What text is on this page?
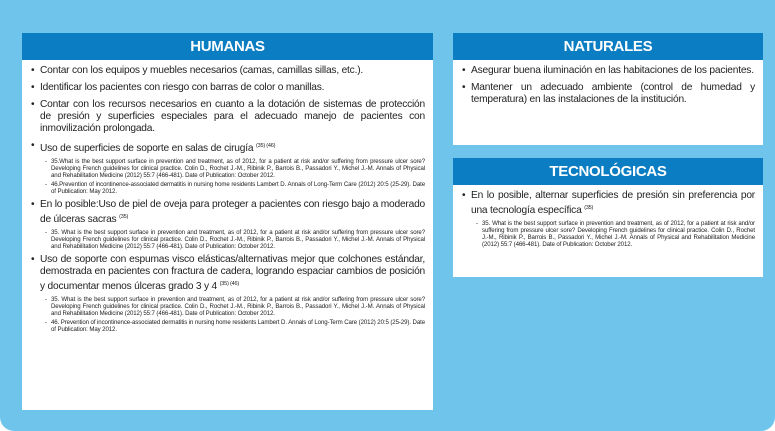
HUMANAS
• Contar con los equipos y muebles necesarios (camas, camillas sillas, etc.).
• Identificar los pacientes con riesgo con barras de color o manillas.
• Contar con los recursos necesarios en cuanto a la dotación de sistemas de protección de presión y superficies especiales para el adecuado manejo de pacientes con inmovilización prolongada.
• Uso de superficies de soporte en salas de cirugía $^{(35) (46)}$
- 35.What is the best support surface in prevention and treatment, as of 2012, for a patient at risk and/or suffering from pressure ulcer sore? Developing French guidelines for clinical practice. Colin D., Rochet J.-M., Ribinik P., Barrois B., Passadori Y., Michel J.-M. Annals of Physical and Rehabilitation Medicine (2012) 55:7 (466-481). Date of Publication: October 2012.
- 46.Prevention of incontinence-associated dermatitis in nursing home residents Lambert D. Annals of Long-Term Care (2012) 20:5 (25-29). Date of Publication: May 2012.
• En lo posible:Uso de piel de oveja para proteger a pacientes con riesgo bajo a moderado de úlceras sacras $^{(35)}$
- 35. What is the best support surface in prevention and treatment, as of 2012, for a patient at risk and/or suffering from pressure ulcer sore? Developing French guidelines for clinical practice. Colin D., Rochet J.-M., Ribinik P., Barrois B., Passadori Y., Michel J.-M. Annals of Physical and Rehabilitation Medicine (2012) 55:7 (466-481). Date of Publication: October 2012.
• Uso de soporte con espumas visco elásticas/alternativas mejor que colchones estándar, demostrada en pacientes con fractura de cadera, logrando espaciar cambios de posición y documentar menos úlceras grado 3 y 4 $^{(35) (46)}$
- 35. What is the best support surface in prevention and treatment, as of 2012, for a patient at risk and/or suffering from pressure ulcer sore? Developing French guidelines for clinical practice. Colin D., Rochet J.-M., Ribinik P., Barrois B., Passadori Y., Michel J.-M. Annals of Physical and Rehabilitation Medicine (2012) 55:7 (466-481). Date of Publication: October 2012.
- 46. Prevention of incontinence-associated dermatitis in nursing home residents Lambert D. Annals of Long-Term Care (2012) 20:5 (25-29). Date of Publication: May 2012.
NATURALES
• Asegurar buena iluminación en las habitaciones de los pacientes.
• Mantener un adecuado ambiente (control de humedad y temperatura) en las instalaciones de la institución.
TECNOLÓGICAS
• En lo posible, alternar superficies de presión sin preferencia por una tecnología específica $^{(35)}$
- 35. What is the best support surface in prevention and treatment, as of 2012, for a patient at risk and/or suffering from pressure ulcer sore? Developing French guidelines for clinical practice. Colin D., Rochet J.-M., Ribinik P., Barrois B., Passadori Y., Michel J.-M. Annals of Physical and Rehabilitation Medicine (2012) 55:7 (466-481). Date of Publication: October 2012.
